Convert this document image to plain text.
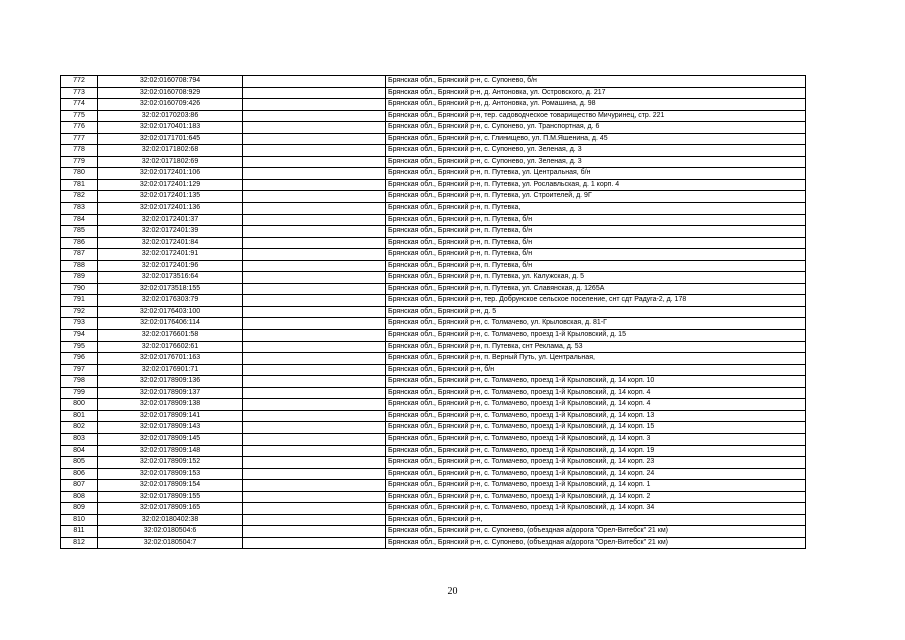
772	32:02:0160708:794		Брянская обл., Брянский р-н, с. Супонево, б/н
773	32:02:0160708:929		Брянская обл., Брянский р-н, д. Антоновка, ул. Островского, д. 217
774	32:02:0160709:426		Брянская обл., Брянский р-н, д. Антоновка, ул. Ромашина, д. 98
775	32:02:0170203:86		Брянская обл., Брянский р-н, тер. садоводческое товарищество Мичуринец, стр. 221
776	32:02:0170401:183		Брянская обл., Брянский р-н, с. Супонево, ул. Транспортная, д. 6
777	32:02:0171701:645		Брянская обл., Брянский р-н, с. Глинищево, ул. П.М.Яшенина, д. 45
778	32:02:0171802:68		Брянская обл., Брянский р-н, с. Супонево, ул. Зеленая, д. 3
779	32:02:0171802:69		Брянская обл., Брянский р-н, с. Супонево, ул. Зеленая, д. 3
780	32:02:0172401:106		Брянская обл., Брянский р-н, п. Путевка, ул. Центральная, б/н
781	32:02:0172401:129		Брянская обл., Брянский р-н, п. Путевка, ул. Рославльская, д. 1 корп. 4
782	32:02:0172401:135		Брянская обл., Брянский р-н, п. Путевка, ул. Строителей, д. 9Г
783	32:02:0172401:136		Брянская обл., Брянский р-н, п. Путевка,
784	32:02:0172401:37		Брянская обл., Брянский р-н, п. Путевка, б/н
785	32:02:0172401:39		Брянская обл., Брянский р-н, п. Путевка, б/н
786	32:02:0172401:84		Брянская обл., Брянский р-н, п. Путевка, б/н
787	32:02:0172401:91		Брянская обл., Брянский р-н, п. Путевка, б/н
788	32:02:0172401:96		Брянская обл., Брянский р-н, п. Путевка, б/н
789	32:02:0173516:64		Брянская обл., Брянский р-н, п. Путевка, ул. Калужская, д. 5
790	32:02:0173518:155		Брянская обл., Брянский р-н, п. Путевка, ул. Славянская, д. 1265А
791	32:02:0176303:79		Брянская обл., Брянский р-н, тер. Добрунское сельское поселение, снт сдт Радуга-2, д. 178
792	32:02:0176403:100		Брянская обл., Брянский р-н, д. 5
793	32:02:0176406:114		Брянская обл., Брянский р-н, с. Толмачево, ул. Крыловская, д. 81-Г
794	32:02:0176601:58		Брянская обл., Брянский р-н, с. Толмачево, проезд 1-й Крыловский, д. 15
795	32:02:0176602:61		Брянская обл., Брянский р-н, п. Путевка, снт Реклама, д. 53
796	32:02:0176701:163		Брянская обл., Брянский р-н, п. Верный Путь, ул. Центральная,
797	32:02:0176901:71		Брянская обл., Брянский р-н, б/н
798	32:02:0178909:136		Брянская обл., Брянский р-н, с. Толмачево, проезд 1-й Крыловский, д. 14 корп. 10
799	32:02:0178909:137		Брянская обл., Брянский р-н, с. Толмачево, проезд 1-й Крыловский, д. 14 корп. 4
800	32:02:0178909:138		Брянская обл., Брянский р-н, с. Толмачево, проезд 1-й Крыловский, д. 14 корп. 4
801	32:02:0178909:141		Брянская обл., Брянский р-н, с. Толмачево, проезд 1-й Крыловский, д. 14 корп. 13
802	32:02:0178909:143		Брянская обл., Брянский р-н, с. Толмачево, проезд 1-й Крыловский, д. 14 корп. 15
803	32:02:0178909:145		Брянская обл., Брянский р-н, с. Толмачево, проезд 1-й Крыловский, д. 14 корп. 3
804	32:02:0178909:148		Брянская обл., Брянский р-н, с. Толмачево, проезд 1-й Крыловский, д. 14 корп. 19
805	32:02:0178909:152		Брянская обл., Брянский р-н, с. Толмачево, проезд 1-й Крыловский, д. 14 корп. 23
806	32:02:0178909:153		Брянская обл., Брянский р-н, с. Толмачево, проезд 1-й Крыловский, д. 14 корп. 24
807	32:02:0178909:154		Брянская обл., Брянский р-н, с. Толмачево, проезд 1-й Крыловский, д. 14 корп. 1
808	32:02:0178909:155		Брянская обл., Брянский р-н, с. Толмачево, проезд 1-й Крыловский, д. 14 корп. 2
809	32:02:0178909:165		Брянская обл., Брянский р-н, с. Толмачево, проезд 1-й Крыловский, д. 14 корп. 34
810	32:02:0180402:38		Брянская обл., Брянский р-н,
811	32:02:0180504:6		Брянская обл., Брянский р-н, с. Супонево, (объездная а/дорога "Орел-Витебск" 21 км)
812	32:02:0180504:7		Брянская обл., Брянский р-н, с. Супонево, (объездная а/дорога "Орел-Витебск" 21 км)
20
